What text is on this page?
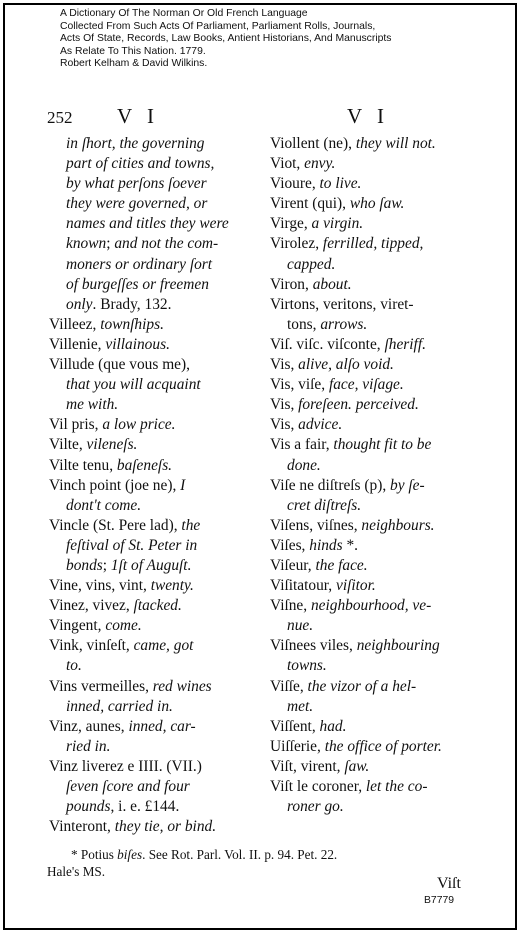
A Dictionary Of The Norman Or Old French Language
Collected From Such Acts Of Parliament, Parliament Rolls, Journals,
Acts Of State, Records, Law Books, Antient Historians, And Manuscripts
As Relate To This Nation. 1779.
Robert Kelham & David Wilkins.
252 V I	V I
in ſhort, the governing
part of cities and towns,
by what perſons ſoever
they were governed, or
names and titles they were
known; and not the com-
moners or ordinary ſort
of burgeſſes or freemen
only. Brady, 132.
Villeez, townſhips.
Villenie, villainous.
Villude (que vous me),
that you will acquaint
me with.
Vil pris, a low price.
Vilte, vileneſs.
Vilte tenu, baſeneſs.
Vinch point (joe ne), I
dont't come.
Vincle (St. Pere lad), the
feſtival of St. Peter in
bonds; 1ſt of Auguſt.
Vine, vins, vint, twenty.
Vinez, vivez, ſtacked.
Vingent, come.
Vink, vinſeſt, came, got
to.
Vins vermeilles, red wines
inned, carried in.
Vinz, aunes, inned, car-
ried in.
Vinz liverez e IIII. (VII.)
ſeven ſcore and four
pounds, i. e. £144.
Vinteront, they tie, or bind.
Viollent (ne), they will not.
Viot, envy.
Vioure, to live.
Virent (qui), who ſaw.
Virge, a virgin.
Virolez, ferrilled, tipped,
capped.
Viron, about.
Virtons, veritons, viret-
tons, arrows.
Viſ. viſc. viſconte, ſheriff.
Vis, alive, alſo void.
Vis, viſe, face, viſage.
Vis, foreſeen. perceived.
Vis, advice.
Vis a fair, thought fit to be
done.
Viſe ne diſtreſs (p), by ſe-
cret diſtreſs.
Viſens, viſnes, neighbours.
Viſes, hinds *.
Viſeur, the face.
Viſitatour, viſitor.
Viſne, neighbourhood, ve-
nue.
Viſnees viles, neighbouring
towns.
Viſſe, the vizor of a hel-
met.
Viſſent, had.
Uiſſerie, the office of porter.
Viſt, virent, ſaw.
Viſt le coroner, let the co-
roner go.
* Potius biſes. See Rot. Parl. Vol. II. p. 94. Pet. 22.
Hale's MS.
Viſt
B7779
